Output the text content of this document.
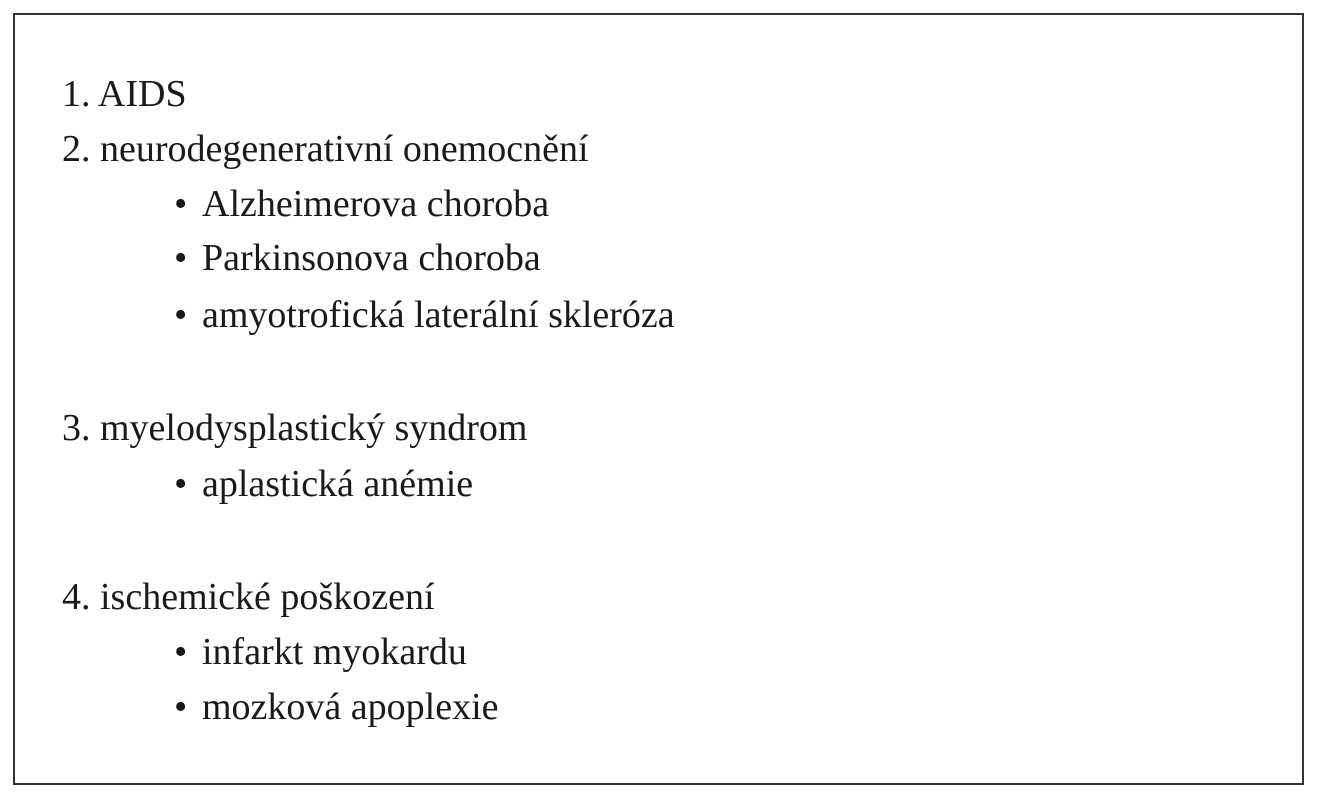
1. AIDS
2. neurodegenerativní onemocnění
• Alzheimerova choroba
• Parkinsonova choroba
• amyotrofická laterální skleróza
3. myelodysplastický syndrom
• aplastická anémie
4. ischemické poškození
• infarkt myokardu
• mozková apoplexie
